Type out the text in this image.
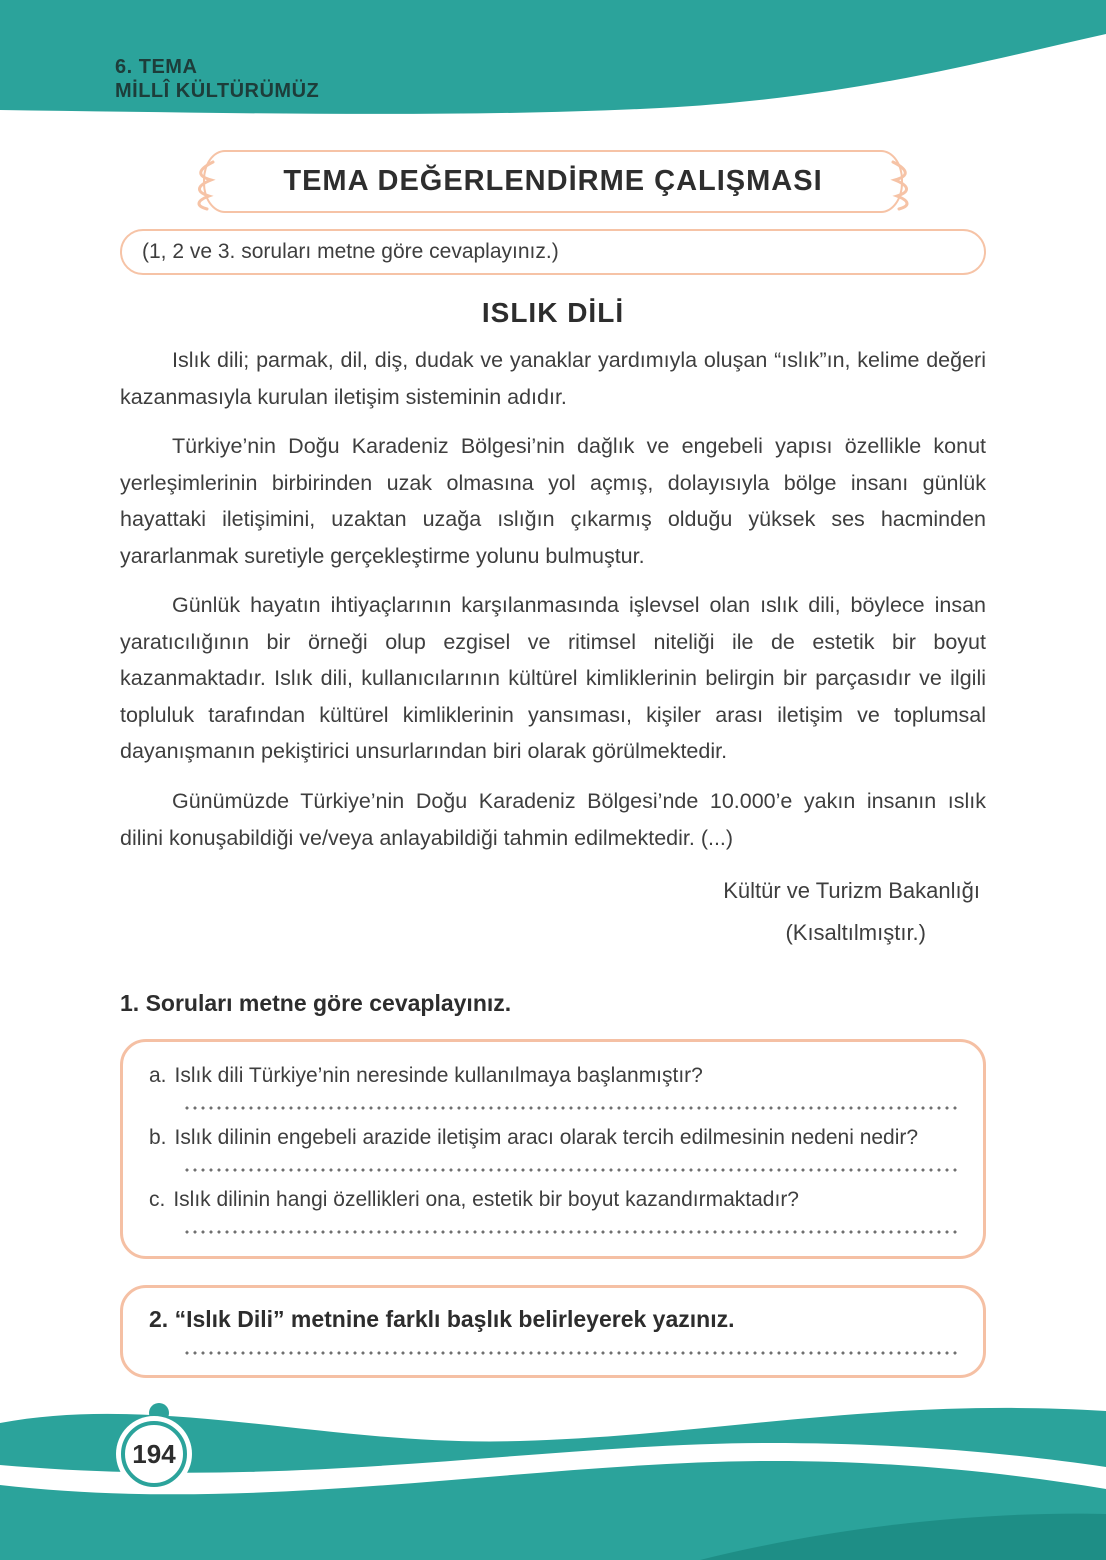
6. TEMA
MİLLÎ KÜLTÜRÜMÜZ
TEMA DEĞERLENDİRME ÇALIŞMASI
(1, 2 ve 3. soruları metne göre cevaplayınız.)
ISLIK DİLİ

Islık dili; parmak, dil, diş, dudak ve yanaklar yardımıyla oluşan “ıslık”ın, kelime değeri kazanmasıyla kurulan iletişim sisteminin adıdır.

Türkiye’nin Doğu Karadeniz Bölgesi’nin dağlık ve engebeli yapısı özellikle konut yerleşimlerinin birbirinden uzak olmasına yol açmış, dolayısıyla bölge insanı günlük hayattaki iletişimini, uzaktan uzağa ıslığın çıkarmış olduğu yüksek ses hacminden yararlanmak suretiyle gerçekleştirme yolunu bulmuştur.

Günlük hayatın ihtiyaçlarının karşılanmasında işlevsel olan ıslık dili, böylece insan yaratıcılığının bir örneği olup ezgisel ve ritimsel niteliği ile de estetik bir boyut kazanmaktadır. Islık dili, kullanıcılarının kültürel kimliklerinin belirgin bir parçasıdır ve ilgili topluluk tarafından kültürel kimliklerinin yansıması, kişiler arası iletişim ve toplumsal dayanışmanın pekiştirici unsurlarından biri olarak görülmektedir.

Günümüzde Türkiye’nin Doğu Karadeniz Bölgesi’nde 10.000’e yakın insanın ıslık dilini konuşabildiği ve/veya anlayabildiği tahmin edilmektedir. (...)

Kültür ve Turizm Bakanlığı
(Kısaltılmıştır.)
1. Soruları metne göre cevaplayınız.
a. Islık dili Türkiye’nin neresinde kullanılmaya başlanmıştır?
b. Islık dilinin engebeli arazide iletişim aracı olarak tercih edilmesinin nedeni nedir?
c. Islık dilinin hangi özellikleri ona, estetik bir boyut kazandırmaktadır?
2. “Islık Dili” metnine farklı başlık belirleyerek yazınız.
194
